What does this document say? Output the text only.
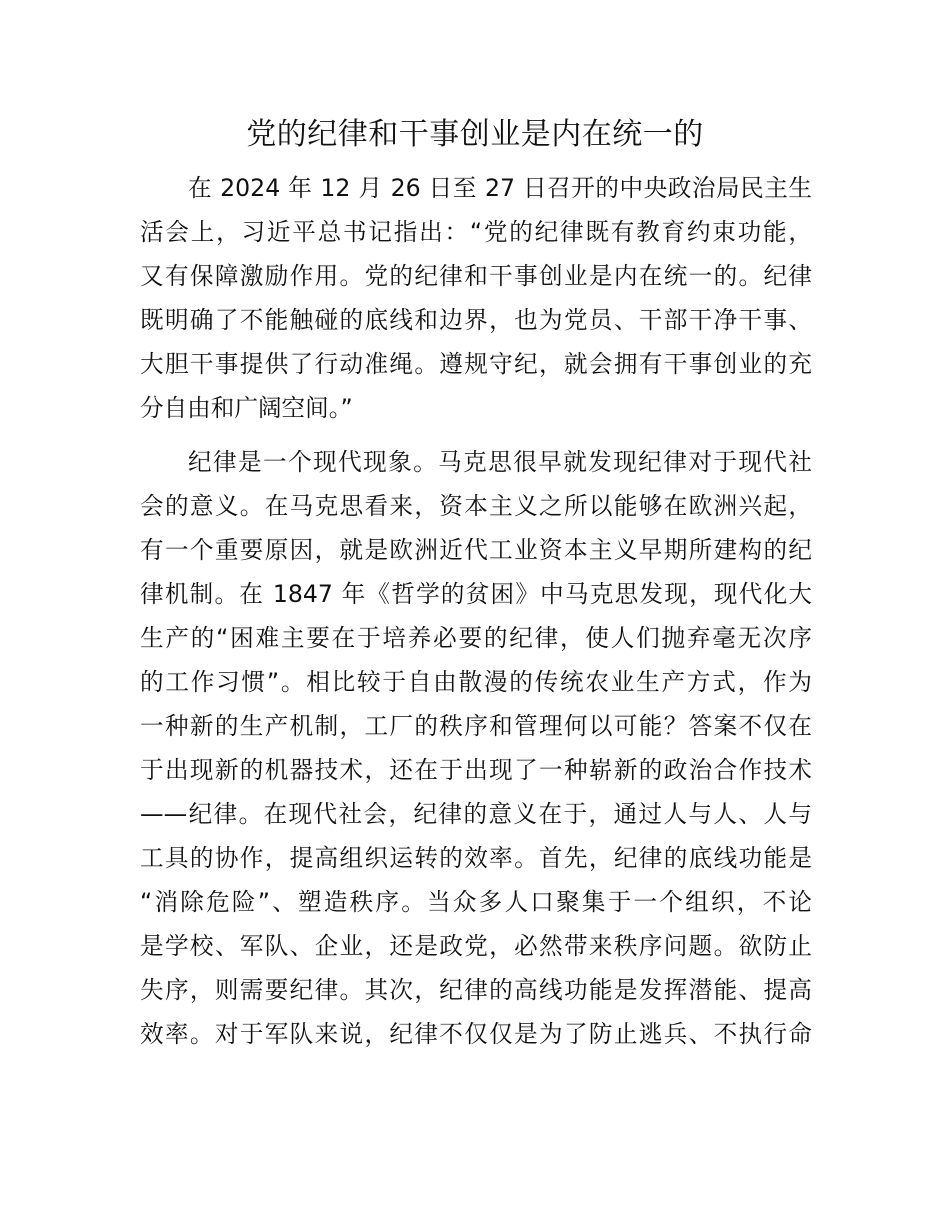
党的纪律和干事创业是内在统一的
在 2024 年 12 月 26 日至 27 日召开的中央政治局民主生
活会上，习近平总书记指出：“党的纪律既有教育约束功能，
又有保障激励作用。党的纪律和干事创业是内在统一的。纪律
既明确了不能触碰的底线和边界，也为党员、干部干净干事、
大胆干事提供了行动准绳。遵规守纪，就会拥有干事创业的充
分自由和广阔空间。”
纪律是一个现代现象。马克思很早就发现纪律对于现代社
会的意义。在马克思看来，资本主义之所以能够在欧洲兴起，
有一个重要原因，就是欧洲近代工业资本主义早期所建构的纪
律机制。在 1847 年《哲学的贫困》中马克思发现，现代化大
生产的“困难主要在于培养必要的纪律，使人们抛弃毫无次序
的工作习惯”。相比较于自由散漫的传统农业生产方式，作为
一种新的生产机制，工厂的秩序和管理何以可能？答案不仅在
于出现新的机器技术，还在于出现了一种崭新的政治合作技术
——纪律。在现代社会，纪律的意义在于，通过人与人、人与
工具的协作，提高组织运转的效率。首先，纪律的底线功能是
“消除危险”、塑造秩序。当众多人口聚集于一个组织，不论
是学校、军队、企业，还是政党，必然带来秩序问题。欲防止
失序，则需要纪律。其次，纪律的高线功能是发挥潜能、提高
效率。对于军队来说，纪律不仅仅是为了防止逃兵、不执行命
